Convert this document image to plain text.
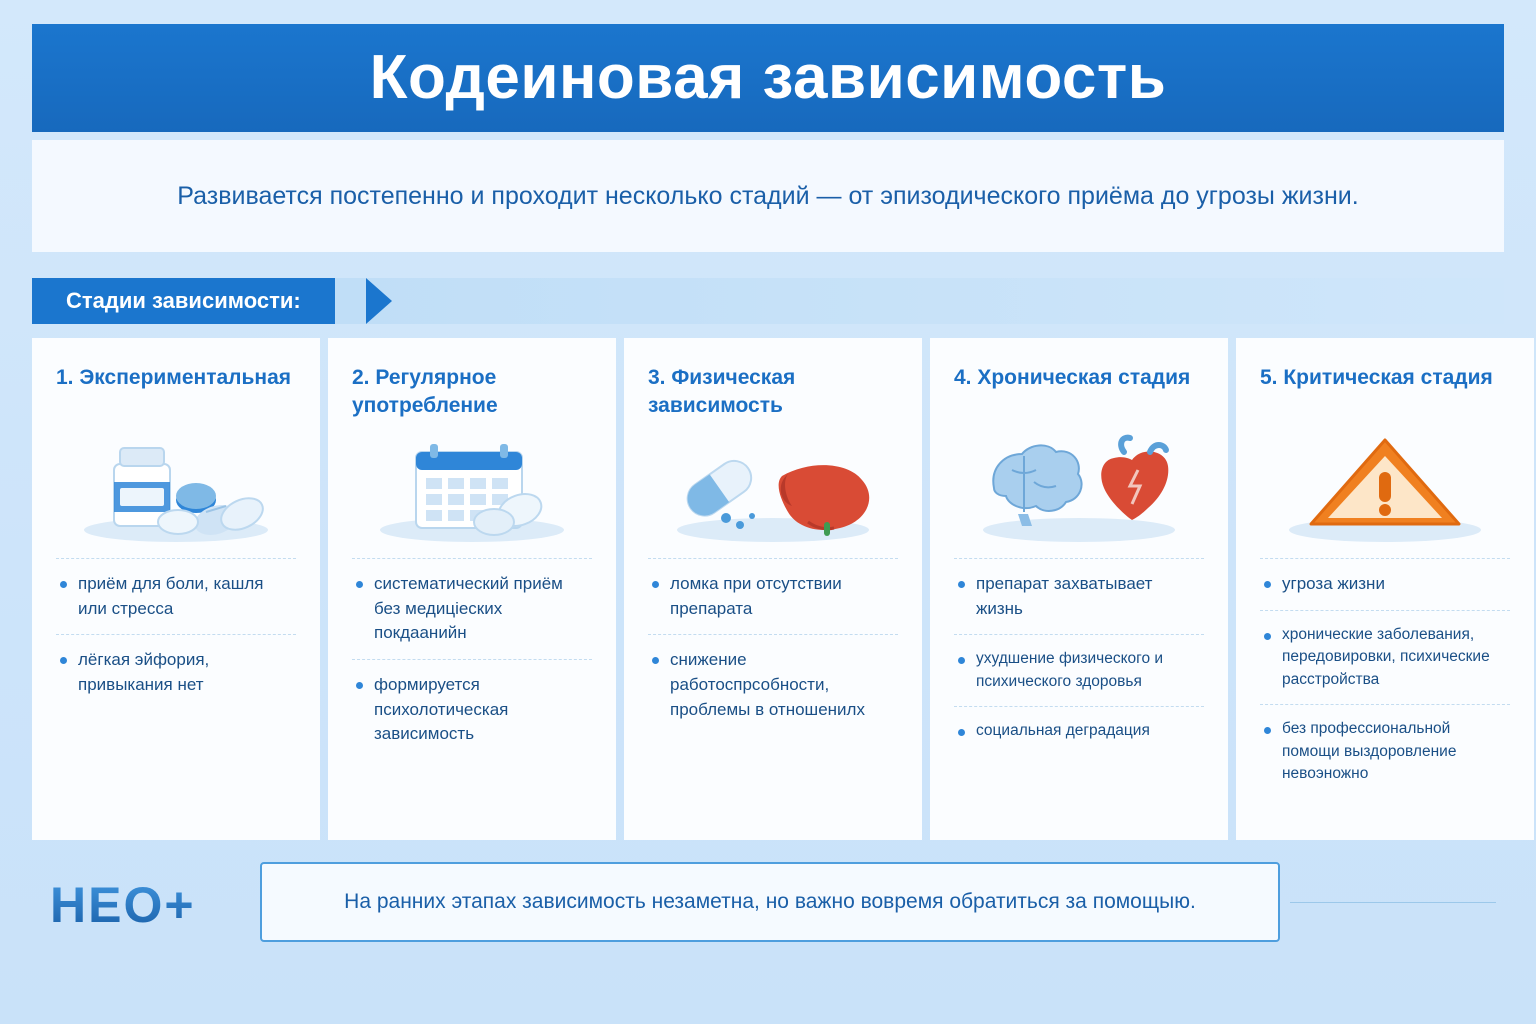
Кодеиновая зависимость
Развивается постепенно и проходит несколько стадий — от эпизодического приёма до угрозы жизни.
Стадии зависимости:
1. Экспериментальная
приём для боли, кашля или стресса
лёгкая эйфория, привыкания нет
2. Регулярное употребление
систематический приём без медицieских покдаанийн
формируется психолотическая зависимость
3. Физическая зависимость
ломка при отсутствии препарата
снижение работоспрсобности, проблемы в отношенилх
4. Хроническая стадия
препарат захватывает жизнь
ухудшение физического и психического здоровья
социальная деградация
5. Критическая стадия
угроза жизни
хронические заболевания, передовировки, психические расстройства
без профессиональной помощи выздоровление невоэножно
НЕО+	На ранних этапах зависимость незаметна, но важно вовремя обратиться за помощыю.
